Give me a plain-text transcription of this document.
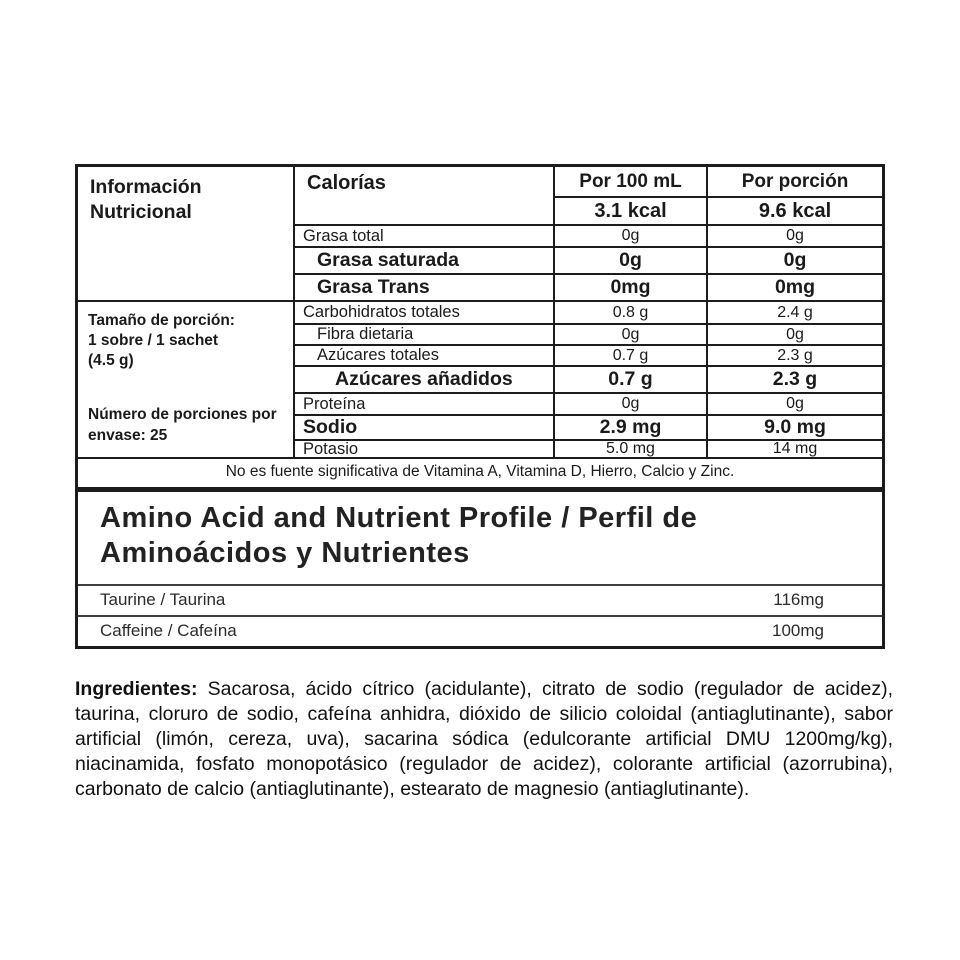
Información Nutricional
Tamaño de porción:
1 sobre / 1 sachet
(4.5 g)
Número de porciones por envase: 25
Calorías	Por 100 mL	Por porción
3.1 kcal	9.6 kcal
Grasa total	0g	0g
Grasa saturada	0g	0g
Grasa Trans	0mg	0mg
Carbohidratos totales	0.8 g	2.4 g
Fibra dietaria	0g	0g
Azúcares totales	0.7 g	2.3 g
Azúcares añadidos	0.7 g	2.3 g
Proteína	0g	0g
Sodio	2.9 mg	9.0 mg
Potasio	5.0 mg	14 mg
No es fuente significativa de Vitamina A, Vitamina D, Hierro, Calcio y Zinc.
Amino Acid and Nutrient Profile / Perfil de Aminoácidos y Nutrientes
Taurine / Taurina	116mg
Caffeine / Cafeína	100mg

Ingredientes: Sacarosa, ácido cítrico (acidulante), citrato de sodio (regulador de acidez), taurina, cloruro de sodio, cafeína anhidra, dióxido de silicio coloidal (antiaglutinante), sabor artificial (limón, cereza, uva), sacarina sódica (edulcorante artificial DMU 1200mg/kg), niacinamida, fosfato monopotásico (regulador de acidez), colorante artificial (azorrubina), carbonato de calcio (antiaglutinante), estearato de magnesio (antiaglutinante).
